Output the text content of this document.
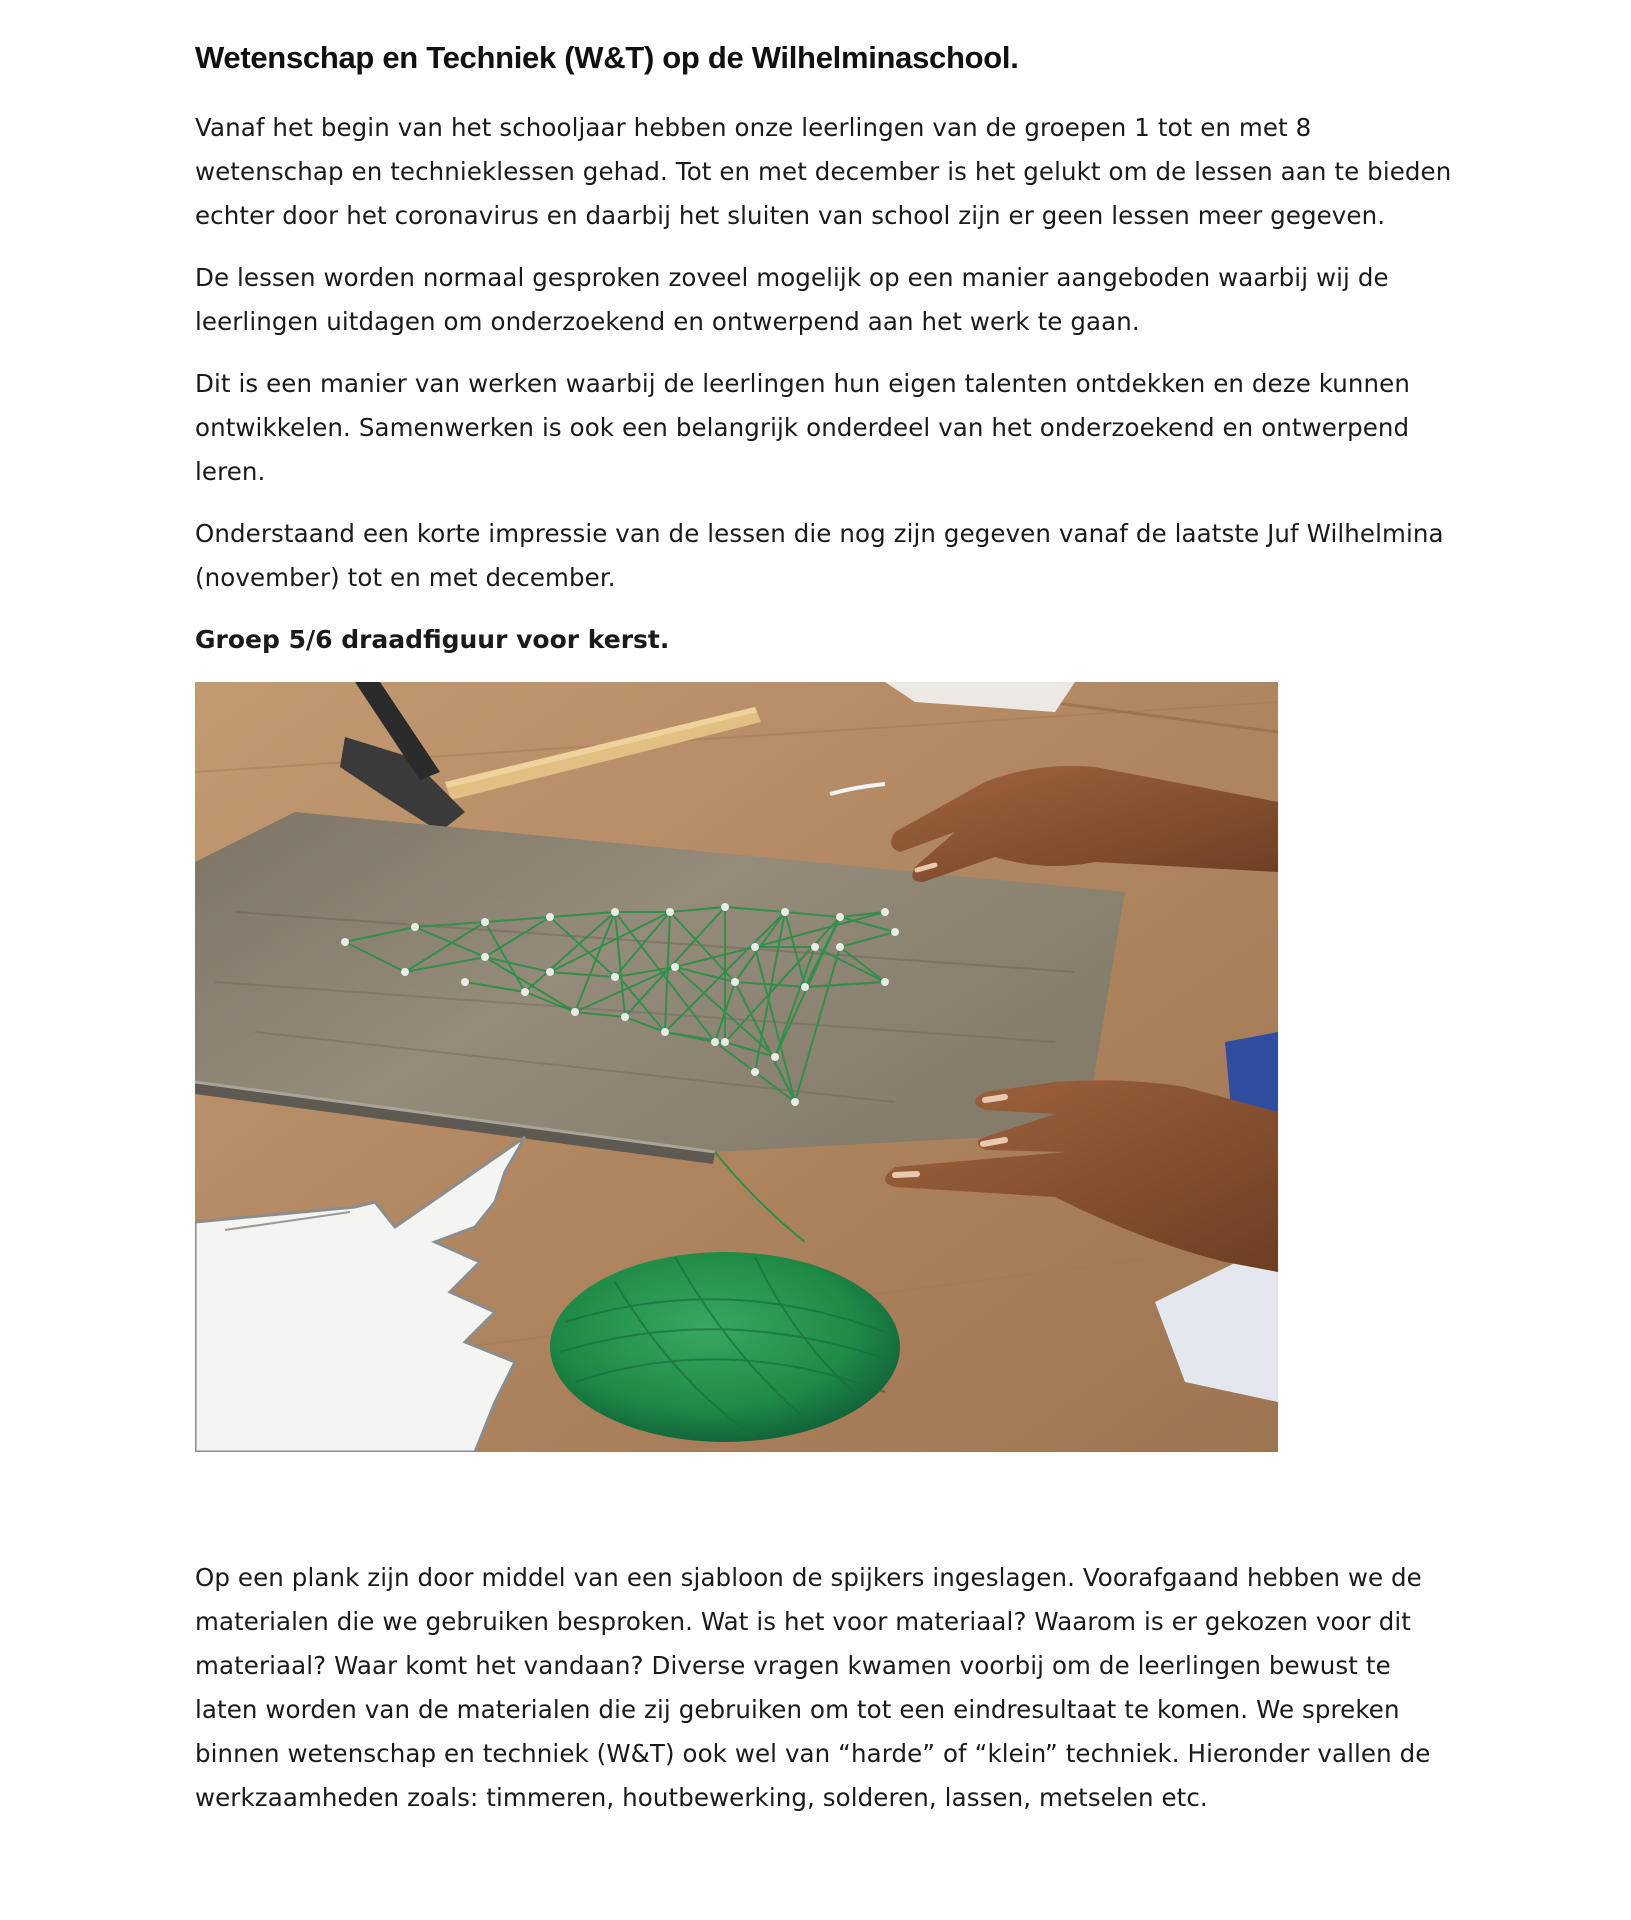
Wetenschap en Techniek (W&T) op de Wilhelminaschool.

Vanaf het begin van het schooljaar hebben onze leerlingen van de groepen 1 tot en met 8 wetenschap en technieklessen gehad. Tot en met december is het gelukt om de lessen aan te bieden echter door het coronavirus en daarbij het sluiten van school zijn er geen lessen meer gegeven.

De lessen worden normaal gesproken zoveel mogelijk op een manier aangeboden waarbij wij de leerlingen uitdagen om onderzoekend en ontwerpend aan het werk te gaan.

Dit is een manier van werken waarbij de leerlingen hun eigen talenten ontdekken en deze kunnen ontwikkelen. Samenwerken is ook een belangrijk onderdeel van het onderzoekend en ontwerpend leren.

Onderstaand een korte impressie van de lessen die nog zijn gegeven vanaf de laatste Juf Wilhelmina (november) tot en met december.

Groep 5/6 draadfiguur voor kerst.

Op een plank zijn door middel van een sjabloon de spijkers ingeslagen. Voorafgaand hebben we de materialen die we gebruiken besproken. Wat is het voor materiaal? Waarom is er gekozen voor dit materiaal? Waar komt het vandaan? Diverse vragen kwamen voorbij om de leerlingen bewust te laten worden van de materialen die zij gebruiken om tot een eindresultaat te komen. We spreken binnen wetenschap en techniek (W&T) ook wel van “harde” of “klein” techniek. Hieronder vallen de werkzaamheden zoals: timmeren, houtbewerking, solderen, lassen, metselen etc.
